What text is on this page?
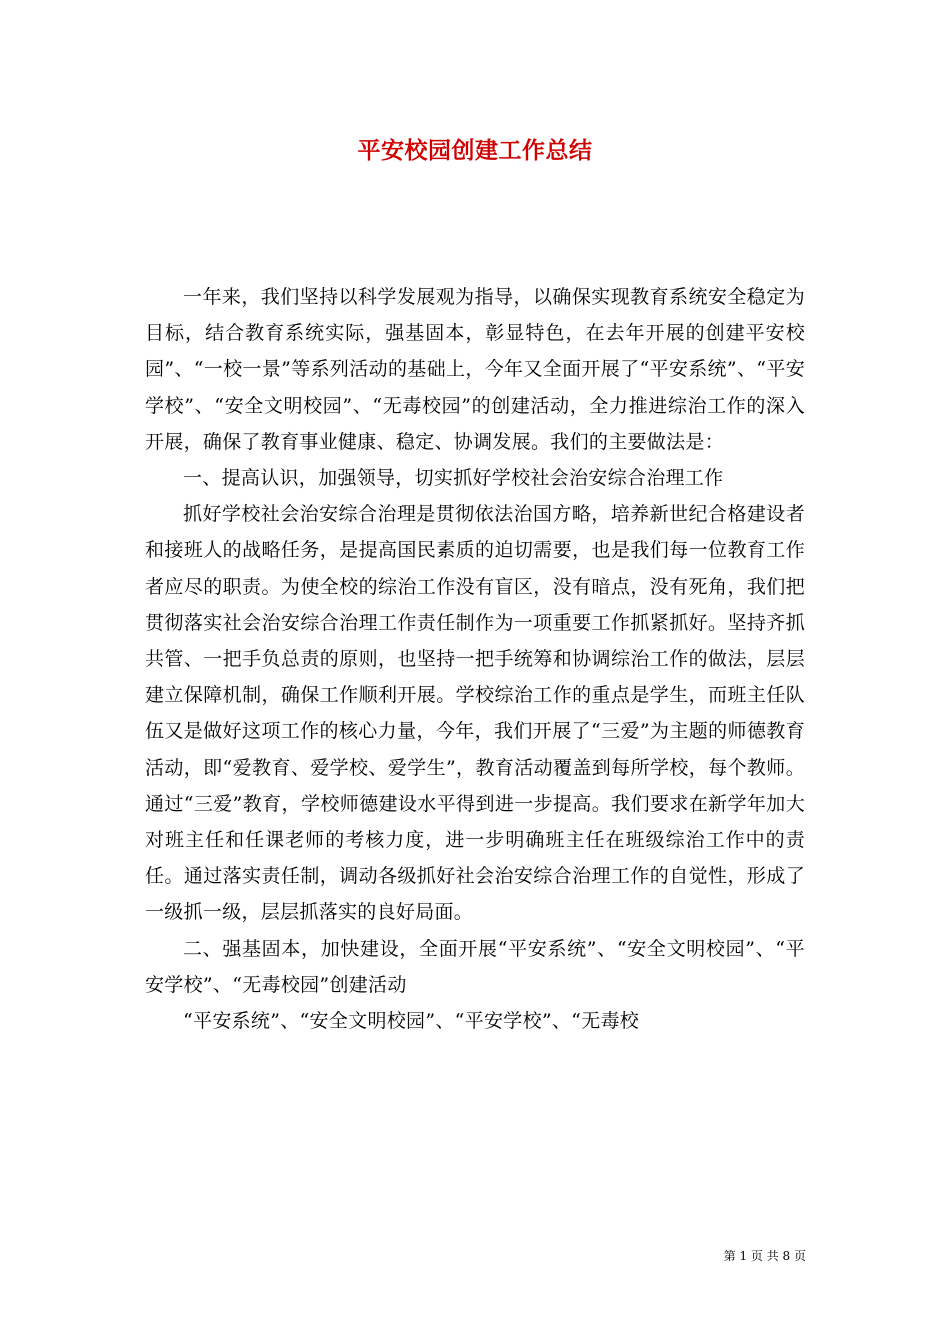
平安校园创建工作总结

一年来，我们坚持以科学发展观为指导，以确保实现教育系统安全稳定为目标，结合教育系统实际，强基固本，彰显特色，在去年开展的创建平安校园”、“一校一景”等系列活动的基础上，今年又全面开展了“平安系统”、“平安学校”、“安全文明校园”、“无毒校园”的创建活动，全力推进综治工作的深入开展，确保了教育事业健康、稳定、协调发展。我们的主要做法是：

一、提高认识，加强领导，切实抓好学校社会治安综合治理工作

抓好学校社会治安综合治理是贯彻依法治国方略，培养新世纪合格建设者和接班人的战略任务，是提高国民素质的迫切需要，也是我们每一位教育工作者应尽的职责。为使全校的综治工作没有盲区，没有暗点，没有死角，我们把贯彻落实社会治安综合治理工作责任制作为一项重要工作抓紧抓好。坚持齐抓共管、一把手负总责的原则，也坚持一把手统筹和协调综治工作的做法，层层建立保障机制，确保工作顺利开展。学校综治工作的重点是学生，而班主任队伍又是做好这项工作的核心力量，今年，我们开展了“三爱”为主题的师德教育活动，即“爱教育、爱学校、爱学生”，教育活动覆盖到每所学校，每个教师。通过“三爱”教育，学校师德建设水平得到进一步提高。我们要求在新学年加大对班主任和任课老师的考核力度，进一步明确班主任在班级综治工作中的责任。通过落实责任制，调动各级抓好社会治安综合治理工作的自觉性，形成了一级抓一级，层层抓落实的良好局面。

二、强基固本，加快建设，全面开展“平安系统”、“安全文明校园”、“平安学校”、“无毒校园”创建活动

“平安系统”、“安全文明校园”、“平安学校”、“无毒校

第 1 页 共 8 页
